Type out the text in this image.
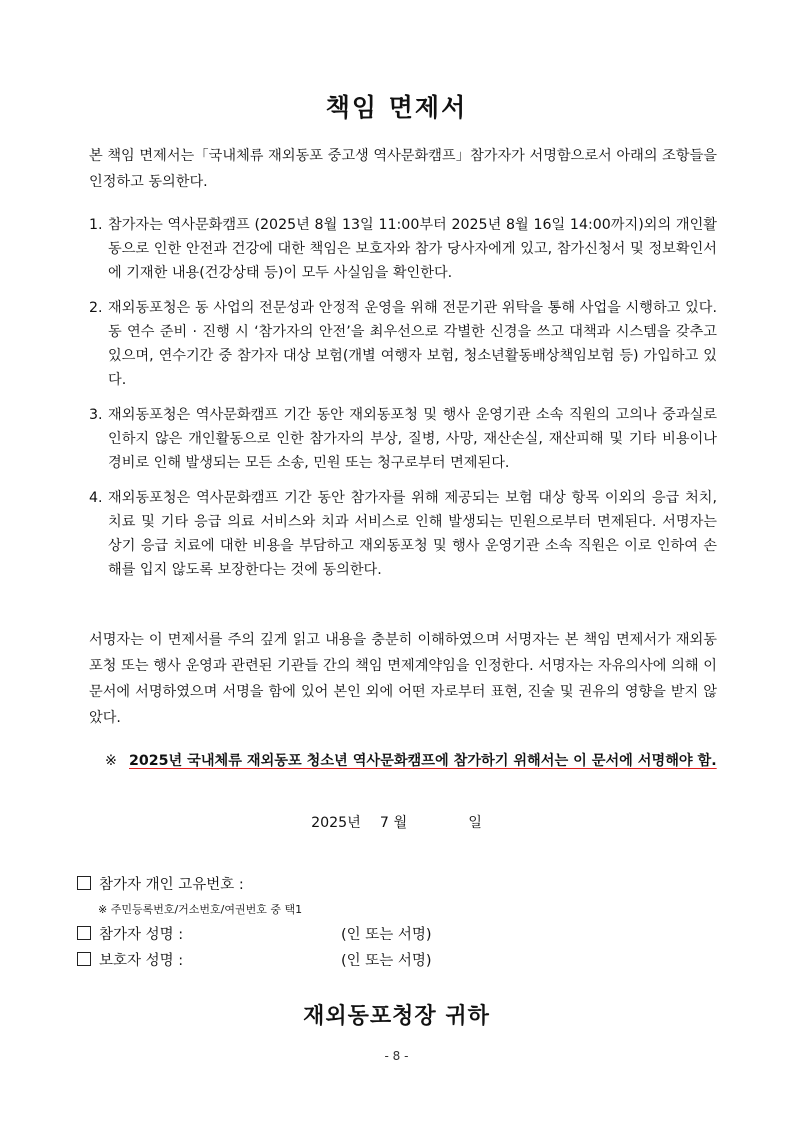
책임 면제서
본 책임 면제서는「국내체류 재외동포 중고생 역사문화캠프」참가자가 서명함으로서 아래의 조항들을 인정하고 동의한다.
1. 참가자는 역사문화캠프 (2025년 8월 13일 11:00부터 2025년 8월 16일 14:00까지)외의 개인활동으로 인한 안전과 건강에 대한 책임은 보호자와 참가 당사자에게 있고, 참가신청서 및 정보확인서에 기재한 내용(건강상태 등)이 모두 사실임을 확인한다.
2. 재외동포청은 동 사업의 전문성과 안정적 운영을 위해 전문기관 위탁을 통해 사업을 시행하고 있다. 동 연수 준비 · 진행 시 ‘참가자의 안전’을 최우선으로 각별한 신경을 쓰고 대책과 시스템을 갖추고 있으며, 연수기간 중 참가자 대상 보험(개별 여행자 보험, 청소년활동배상책임보험 등) 가입하고 있다.
3. 재외동포청은 역사문화캠프 기간 동안 재외동포청 및 행사 운영기관 소속 직원의 고의나 중과실로 인하지 않은 개인활동으로 인한 참가자의 부상, 질병, 사망, 재산손실, 재산피해 및 기타 비용이나 경비로 인해 발생되는 모든 소송, 민원 또는 청구로부터 면제된다.
4. 재외동포청은 역사문화캠프 기간 동안 참가자를 위해 제공되는 보험 대상 항목 이외의 응급 처치, 치료 및 기타 응급 의료 서비스와 치과 서비스로 인해 발생되는 민원으로부터 면제된다. 서명자는 상기 응급 치료에 대한 비용을 부담하고 재외동포청 및 행사 운영기관 소속 직원은 이로 인하여 손해를 입지 않도록 보장한다는 것에 동의한다.
서명자는 이 면제서를 주의 깊게 읽고 내용을 충분히 이해하였으며 서명자는 본 책임 면제서가 재외동포청 또는 행사 운영과 관련된 기관들 간의 책임 면제계약임을 인정한다. 서명자는 자유의사에 의해 이 문서에 서명하였으며 서명을 함에 있어 본인 외에 어떤 자로부터 표현, 진술 및 권유의 영향을 받지 않았다.
※ 2025년 국내체류 재외동포 청소년 역사문화캠프에 참가하기 위해서는 이 문서에 서명해야 함.
2025년 7 월	일
참가자 개인 고유번호 :
※ 주민등록번호/거소번호/여권번호 중 택1
참가자 성명 :	(인 또는 서명)
보호자 성명 :	(인 또는 서명)
재외동포청장 귀하
- 8 -
